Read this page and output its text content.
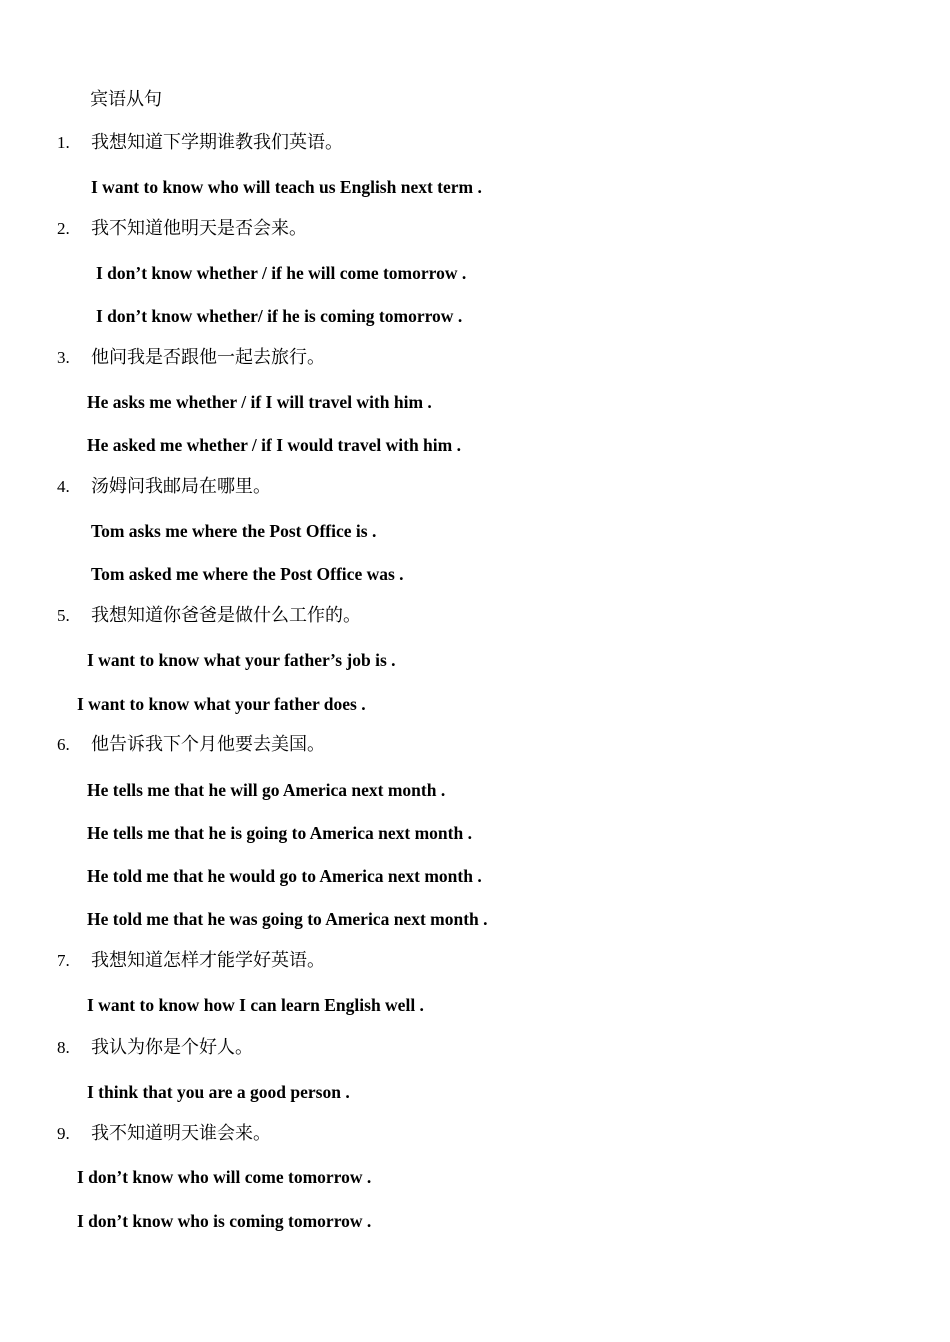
宾语从句
1. 我想知道下学期谁教我们英语。
I want to know who will teach us English next term .
2. 我不知道他明天是否会来。
I don’t know whether / if he will come tomorrow .
I don’t know whether/ if he is coming tomorrow .
3. 他问我是否跟他一起去旅行。
He asks me whether / if I will travel with him .
He asked me whether / if I would travel with him .
4. 汤姆问我邮局在哪里。
Tom asks me where the Post Office is .
Tom asked me where the Post Office was .
5. 我想知道你爸爸是做什么工作的。
I want to know what your father’s job is .
I want to know what your father does .
6. 他告诉我下个月他要去美国。
He tells me that he will go America next month .
He tells me that he is going to America next month .
He told me that he would go to America next month .
He told me that he was going to America next month .
7. 我想知道怎样才能学好英语。
I want to know how I can learn English well .
8. 我认为你是个好人。
I think that you are a good person .
9. 我不知道明天谁会来。
I don’t know who will come tomorrow .
I don’t know who is coming tomorrow .
